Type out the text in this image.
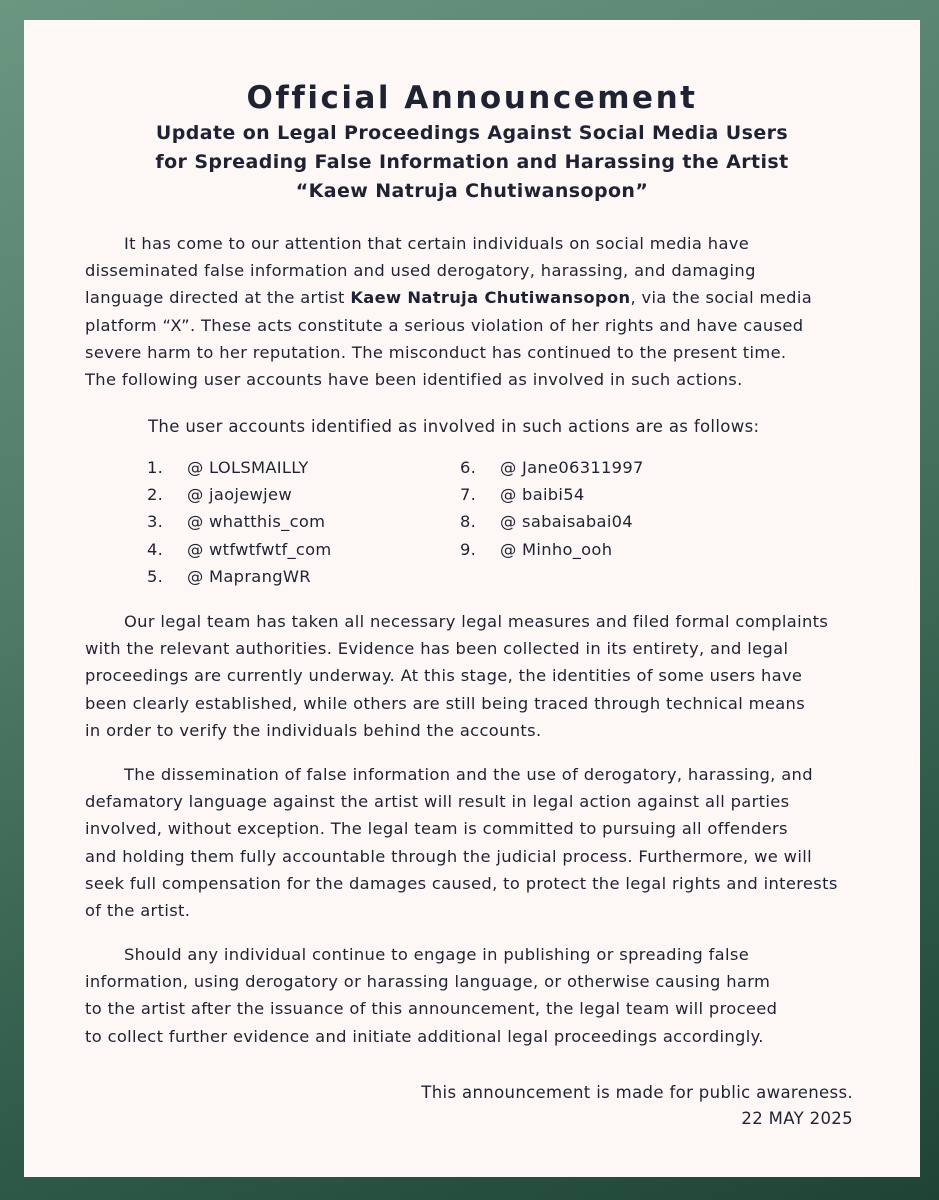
Official Announcement
Update on Legal Proceedings Against Social Media Users
for Spreading False Information and Harassing the Artist
“Kaew Natruja Chutiwansopon”
It has come to our attention that certain individuals on social media have
disseminated false information and used derogatory, harassing, and damaging
language directed at the artist Kaew Natruja Chutiwansopon, via the social media
platform “X”. These acts constitute a serious violation of her rights and have caused
severe harm to her reputation. The misconduct has continued to the present time.
The following user accounts have been identified as involved in such actions.
The user accounts identified as involved in such actions are as follows:
1.	@ LOLSMAILLY
2.	@ jaojewjew
3.	@ whatthis_com
4.	@ wtfwtfwtf_com
5.	@ MaprangWR
6.	@ Jane06311997
7.	@ baibi54
8.	@ sabaisabai04
9.	@ Minho_ooh
Our legal team has taken all necessary legal measures and filed formal complaints
with the relevant authorities. Evidence has been collected in its entirety, and legal
proceedings are currently underway. At this stage, the identities of some users have
been clearly established, while others are still being traced through technical means
in order to verify the individuals behind the accounts.
The dissemination of false information and the use of derogatory, harassing, and
defamatory language against the artist will result in legal action against all parties
involved, without exception. The legal team is committed to pursuing all offenders
and holding them fully accountable through the judicial process. Furthermore, we will
seek full compensation for the damages caused, to protect the legal rights and interests
of the artist.
Should any individual continue to engage in publishing or spreading false
information, using derogatory or harassing language, or otherwise causing harm
to the artist after the issuance of this announcement, the legal team will proceed
to collect further evidence and initiate additional legal proceedings accordingly.
This announcement is made for public awareness.
22 MAY 2025
